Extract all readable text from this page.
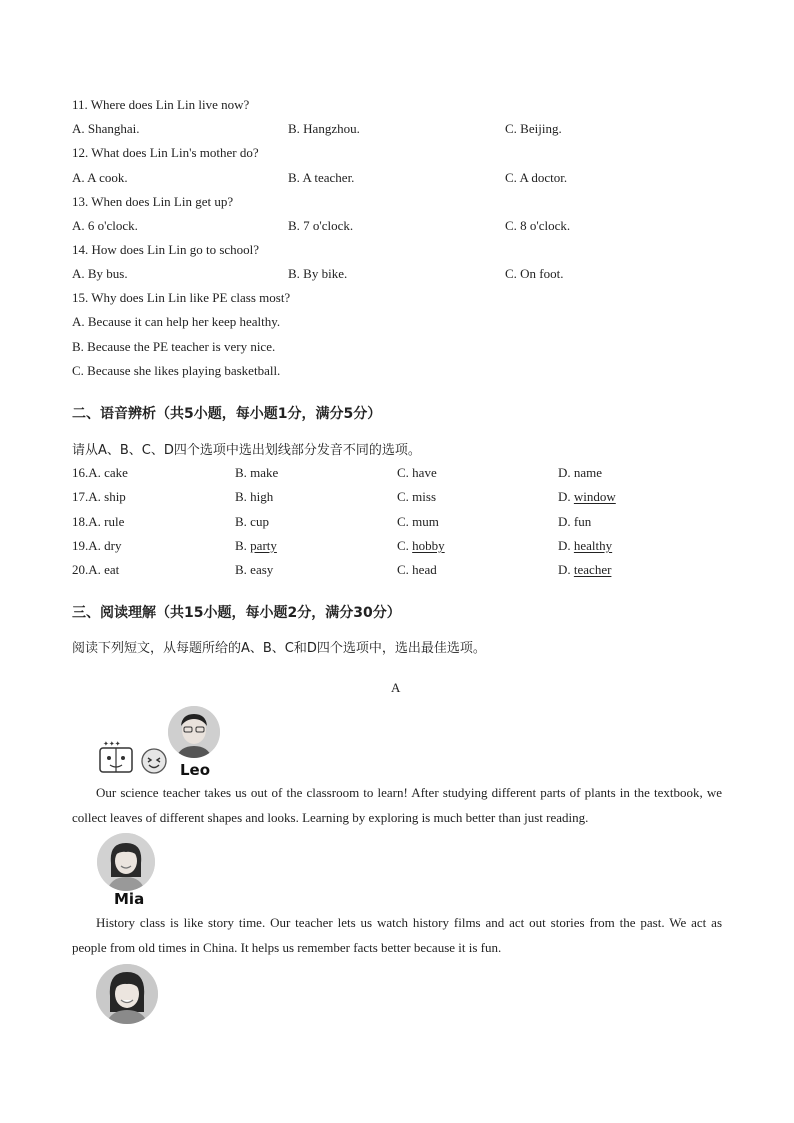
11. Where does Lin Lin live now?
A. Shanghai.	B. Hangzhou.	C. Beijing.
12. What does Lin Lin's mother do?
A. A cook.	B. A teacher.	C. A doctor.
13. When does Lin Lin get up?
A. 6 o'clock.	B. 7 o'clock.	C. 8 o'clock.
14. How does Lin Lin go to school?
A. By bus.	B. By bike.	C. On foot.
15. Why does Lin Lin like PE class most?
A. Because it can help her keep healthy.
B. Because the PE teacher is very nice.
C. Because she likes playing basketball.
二、语音辨析（共5小题，每小题1分，满分5分）
请从A、B、C、D四个选项中选出划线部分发音不同的选项。
16.A. cake	B. make	C. have	D. name
17.A. ship	B. high	C. miss	D. window
18.A. rule	B. cup	C. mum	D. fun
19.A. dry	B. party	C. hobby	D. healthy
20.A. eat	B. easy	C. head	D. teacher
三、阅读理解（共15小题，每小题2分，满分30分）
阅读下列短文，从每题所给的A、B、C和D四个选项中，选出最佳选项。
A
✦✦✦
Leo
Our science teacher takes us out of the classroom to learn! After studying different parts of plants in the textbook, we collect leaves of different shapes and looks. Learning by exploring is much better than just reading.
Mia
History class is like story time. Our teacher lets us watch history films and act out stories from the past. We act as people from old times in China. It helps us remember facts better because it is fun.
